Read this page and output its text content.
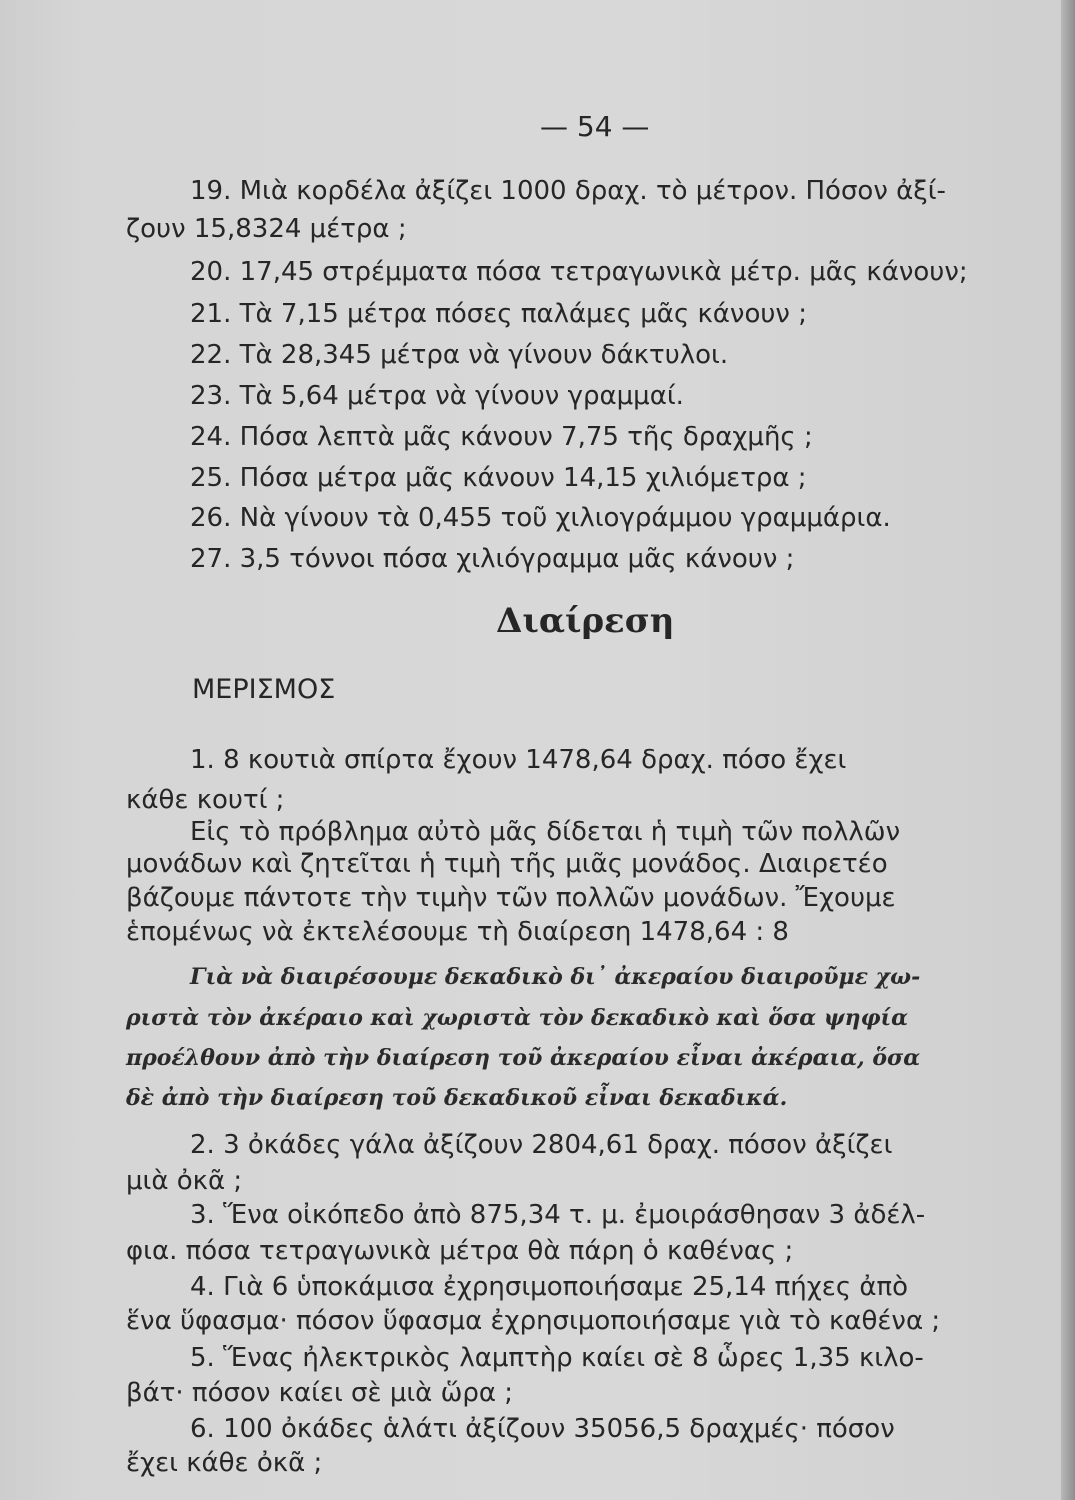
— 54 —

19. Μιὰ κορδέλα ἀξίζει 1000 δραχ. τὸ μέτρον. Πόσον ἀξί-

ζουν 15,8324 μέτρα ;

20. 17,45 στρέμματα πόσα τετραγωνικὰ μέτρ. μᾶς κάνουν;

21. Τὰ 7,15 μέτρα πόσες παλάμες μᾶς κάνουν ;

22. Τὰ 28,345 μέτρα νὰ γίνουν δάκτυλοι.

23. Τὰ 5,64 μέτρα νὰ γίνουν γραμμαί.

24. Πόσα λεπτὰ μᾶς κάνουν 7,75 τῆς δραχμῆς ;

25. Πόσα μέτρα μᾶς κάνουν 14,15 χιλιόμετρα ;

26. Νὰ γίνουν τὰ 0,455 τοῦ χιλιογράμμου γραμμάρια.

27. 3,5 τόννοι πόσα χιλιόγραμμα μᾶς κάνουν ;

Διαίρεση
ΜΕΡΙΣΜΟΣ

1. 8 κουτιὰ σπίρτα ἔχουν 1478,64 δραχ. πόσο ἔχει

κάθε κουτί ;

Εἰς τὸ πρόβλημα αὐτὸ μᾶς δίδεται ἡ τιμὴ τῶν πολλῶν

μονάδων καὶ ζητεῖται ἡ τιμὴ τῆς μιᾶς μονάδος. Διαιρετέο

βάζουμε πάντοτε τὴν τιμὴν τῶν πολλῶν μονάδων. Ἔχουμε

ἑπομένως νὰ ἐκτελέσουμε τὴ διαίρεση 1478,64 : 8

Γιὰ νὰ διαιρέσουμε δεκαδικὸ δι᾽ ἀκεραίου διαιροῦμε χω-

ριστὰ τὸν ἀκέραιο καὶ χωριστὰ τὸν δεκαδικὸ καὶ ὅσα ψηφία

προέλθουν ἀπὸ τὴν διαίρεση τοῦ ἀκεραίου εἶναι ἀκέραια, ὅσα

δὲ ἀπὸ τὴν διαίρεση τοῦ δεκαδικοῦ εἶναι δεκαδικά.

2. 3 ὀκάδες γάλα ἀξίζουν 2804,61 δραχ. πόσον ἀξίζει

μιὰ ὀκᾶ ;

3. Ἕνα οἰκόπεδο ἀπὸ 875,34 τ. μ. ἐμοιράσθησαν 3 ἀδέλ-

φια. πόσα τετραγωνικὰ μέτρα θὰ πάρη ὁ καθένας ;

4. Γιὰ 6 ὑποκάμισα ἐχρησιμοποιήσαμε 25,14 πήχες ἀπὸ

ἕνα ὕφασμα· πόσον ὕφασμα ἐχρησιμοποιήσαμε γιὰ τὸ καθένα ;

5. Ἕνας ἠλεκτρικὸς λαμπτὴρ καίει σὲ 8 ὧρες 1,35 κιλο-

βάτ· πόσον καίει σὲ μιὰ ὥρα ;

6. 100 ὀκάδες ἁλάτι ἀξίζουν 35056,5 δραχμές· πόσον

ἔχει κάθε ὀκᾶ ;
